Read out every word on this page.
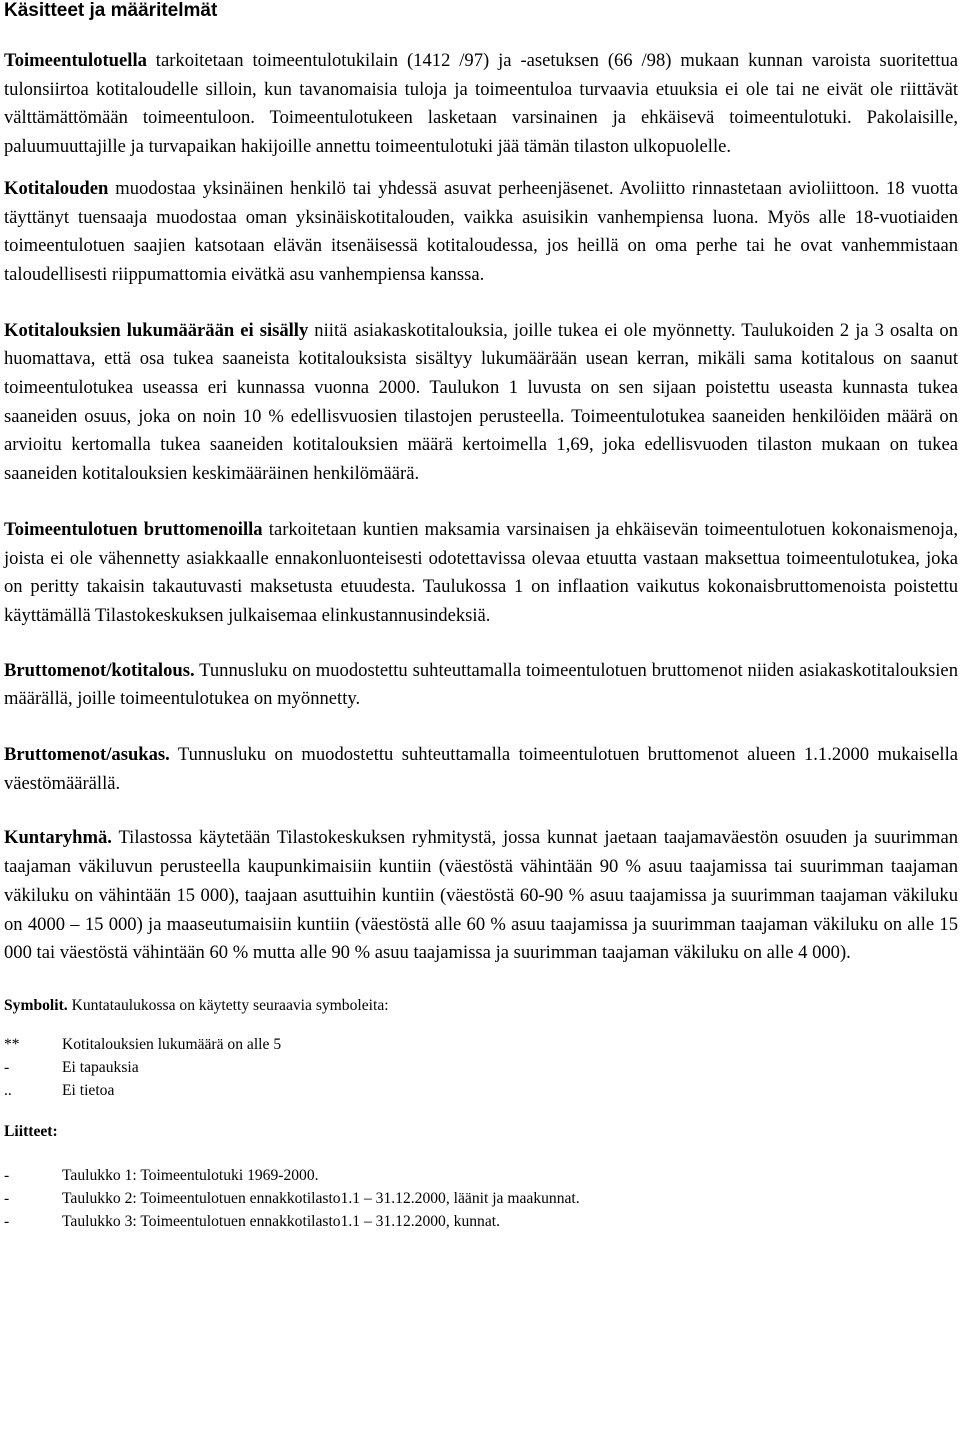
Käsitteet ja määritelmät

Toimeentulotuella tarkoitetaan toimeentulotukilain (1412 /97) ja -asetuksen (66 /98) mukaan kunnan varoista suoritettua tulonsiirtoa kotitaloudelle silloin, kun tavanomaisia tuloja ja toimeentuloa turvaavia etuuksia ei ole tai ne eivät ole riittävät välttämättömään toimeentuloon. Toimeentulotukeen lasketaan varsinainen ja ehkäisevä toimeentulotuki. Pakolaisille, paluumuuttajille ja turvapaikan hakijoille annettu toimeentulotuki jää tämän tilaston ulkopuolelle.

Kotitalouden muodostaa yksinäinen henkilö tai yhdessä asuvat perheenjäsenet. Avoliitto rinnastetaan avioliittoon. 18 vuotta täyttänyt tuensaaja muodostaa oman yksinäiskotitalouden, vaikka asuisikin vanhempiensa luona. Myös alle 18-vuotiaiden toimeentulotuen saajien katsotaan elävän itsenäisessä kotitaloudessa, jos heillä on oma perhe tai he ovat vanhemmistaan taloudellisesti riippumattomia eivätkä asu vanhempiensa kanssa.

Kotitalouksien lukumäärään ei sisälly niitä asiakaskotitalouksia, joille tukea ei ole myönnetty. Taulukoiden 2 ja 3 osalta on huomattava, että osa tukea saaneista kotitalouksista sisältyy lukumäärään usean kerran, mikäli sama kotitalous on saanut toimeentulotukea useassa eri kunnassa vuonna 2000. Taulukon 1 luvusta on sen sijaan poistettu useasta kunnasta tukea saaneiden osuus, joka on noin 10 % edellisvuosien tilastojen perusteella. Toimeentulotukea saaneiden henkilöiden määrä on arvioitu kertomalla tukea saaneiden kotitalouksien määrä kertoimella 1,69, joka edellisvuoden tilaston mukaan on tukea saaneiden kotitalouksien keskimääräinen henkilömäärä.

Toimeentulotuen bruttomenoilla tarkoitetaan kuntien maksamia varsinaisen ja ehkäisevän toimeentulotuen kokonaismenoja, joista ei ole vähennetty asiakkaalle ennakonluonteisesti odotettavissa olevaa etuutta vastaan maksettua toimeentulotukea, joka on peritty takaisin takautuvasti maksetusta etuudesta. Taulukossa 1 on inflaation vaikutus kokonaisbruttomenoista poistettu käyttämällä Tilastokeskuksen julkaisemaa elinkustannusindeksiä.

Bruttomenot/kotitalous. Tunnusluku on muodostettu suhteuttamalla toimeentulotuen bruttomenot niiden asiakaskotitalouksien määrällä, joille toimeentulotukea on myönnetty.

Bruttomenot/asukas. Tunnusluku on muodostettu suhteuttamalla toimeentulotuen bruttomenot alueen 1.1.2000 mukaisella väestömäärällä.

Kuntaryhmä. Tilastossa käytetään Tilastokeskuksen ryhmitystä, jossa kunnat jaetaan taajamaväestön osuuden ja suurimman taajaman väkiluvun perusteella kaupunkimaisiin kuntiin (väestöstä vähintään 90 % asuu taajamissa tai suurimman taajaman väkiluku on vähintään 15 000), taajaan asuttuihin kuntiin (väestöstä 60-90 % asuu taajamissa ja suurimman taajaman väkiluku on 4000 – 15 000) ja maaseutumaisiin kuntiin (väestöstä alle 60 % asuu taajamissa ja suurimman taajaman väkiluku on alle 15 000 tai väestöstä vähintään 60 % mutta alle 90 % asuu taajamissa ja suurimman taajaman väkiluku on alle 4 000).

Symbolit. Kuntataulukossa on käytetty seuraavia symboleita:
**	Kotitalouksien lukumäärä on alle 5
-	Ei tapauksia
..	Ei tietoa
Liitteet:
-	Taulukko 1: Toimeentulotuki 1969-2000.
-	Taulukko 2: Toimeentulotuen ennakkotilasto1.1 – 31.12.2000, läänit ja maakunnat.
-	Taulukko 3: Toimeentulotuen ennakkotilasto1.1 – 31.12.2000, kunnat.
